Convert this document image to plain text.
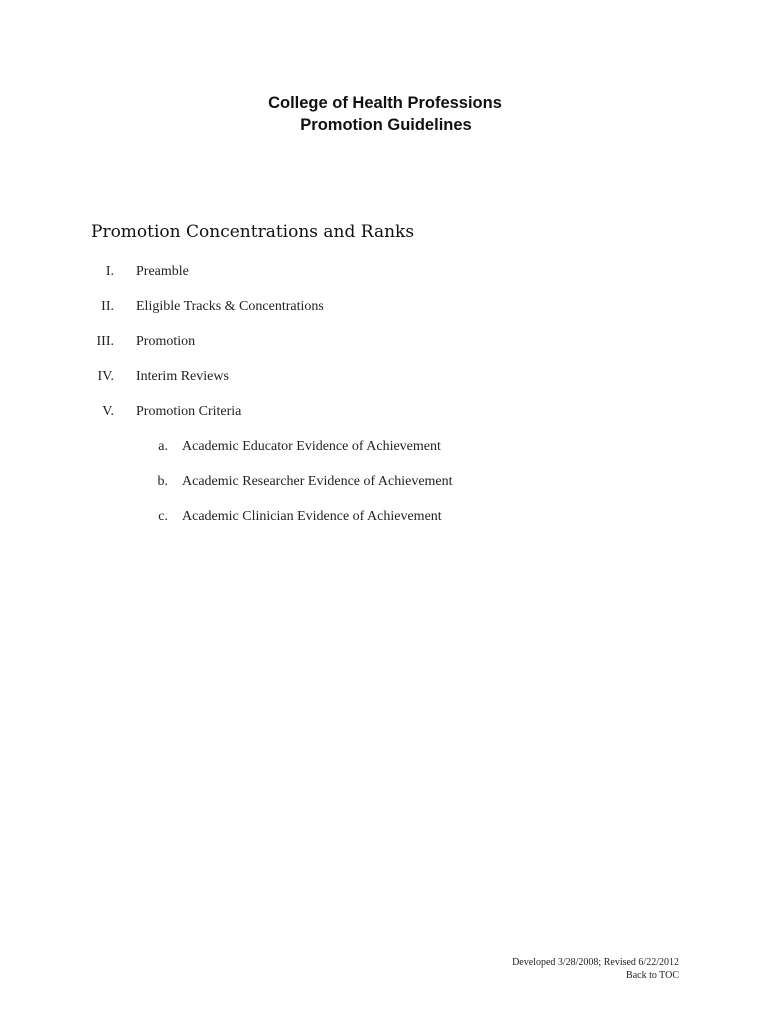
College of Health Professions
Promotion Guidelines
Promotion Concentrations and Ranks
I. Preamble
II. Eligible Tracks & Concentrations
III. Promotion
IV. Interim Reviews
V. Promotion Criteria
a. Academic Educator Evidence of Achievement
b. Academic Researcher Evidence of Achievement
c. Academic Clinician Evidence of Achievement
Developed 3/28/2008; Revised 6/22/2012
Back to TOC
